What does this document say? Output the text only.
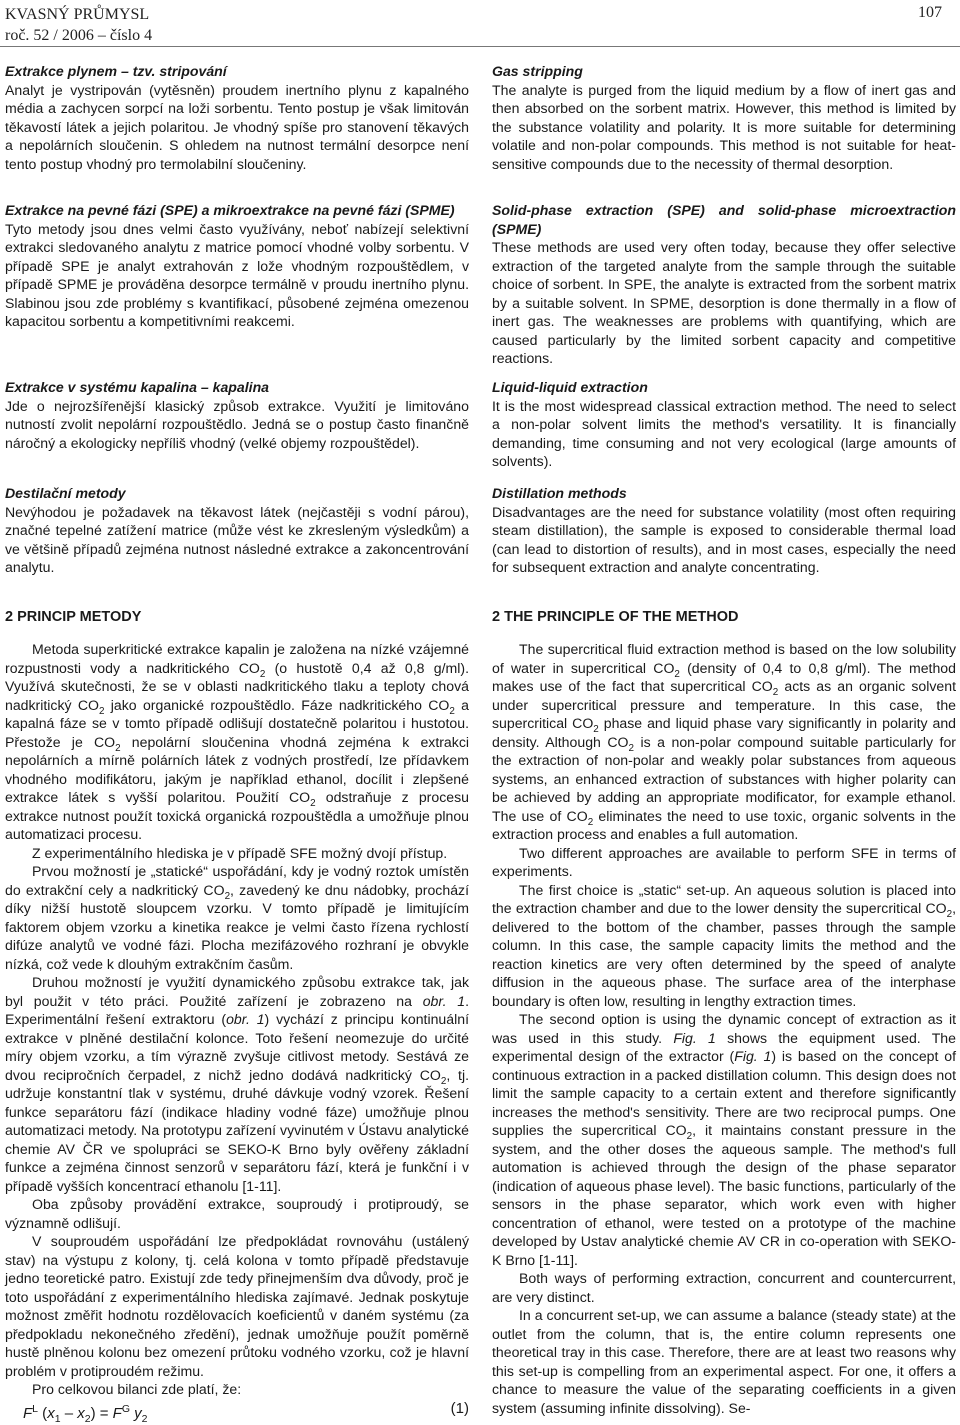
KVASNÝ PRŮMYSL
roč. 52 / 2006 – číslo 4
107

Extrakce plynem – tzv. stripování

Analyt je vystripován (vytěsněn) proudem inertního plynu z kapalného média a zachycen sorpcí na loži sorbentu. Tento postup je však limitován těkavostí látek a jejich polaritou. Je vhodný spíše pro stanovení těkavých a nepolárních sloučenin. S ohledem na nutnost termální desorpce není tento postup vhodný pro termolabilní sloučeniny.

Extrakce na pevné fázi (SPE) a mikroextrakce na pevné fázi (SPME)

Tyto metody jsou dnes velmi často využívány, neboť nabízejí selektivní extrakci sledovaného analytu z matrice pomocí vhodné volby sorbentu. V případě SPE je analyt extrahován z lože vhodným rozpouštědlem, v případě SPME je prováděna desorpce termálně v proudu inertního plynu. Slabinou jsou zde problémy s kvantifikací, působené zejména omezenou kapacitou sorbentu a kompetitivními reakcemi.

Extrakce v systému kapalina – kapalina

Jde o nejrozšířenější klasický způsob extrakce. Využití je limitováno nutností zvolit nepolární rozpouštědlo. Jedná se o postup často finančně náročný a ekologicky nepříliš vhodný (velké objemy rozpouštědel).

Destilační metody

Nevýhodou je požadavek na těkavost látek (nejčastěji s vodní párou), značné tepelné zatížení matrice (může vést ke zkresleným výsledkům) a ve většině případů zejména nutnost následné extrakce a zakoncentrování analytu.

2 PRINCIP METODY

Metoda superkritické extrakce kapalin je založena na nízké vzájemné rozpustnosti vody a nadkritického $CO_2$ (o hustotě 0,4 až 0,8 g/ml). Využívá skutečnosti, že se v oblasti nadkritického tlaku a teploty chová nadkritický $CO_2$ jako organické rozpouštědlo. Fáze nadkritického $CO_2$ a kapalná fáze se v tomto případě odlišují dostatečně polaritou i hustotou. Přestože je $CO_2$ nepolární sloučenina vhodná zejména k extrakci nepolárních a mírně polárních látek z vodných prostředí, lze přídavkem vhodného modifikátoru, jakým je například ethanol, docílit i zlepšené extrakce látek s vyšší polaritou. Použití $CO_2$ odstraňuje z procesu extrakce nutnost použít toxická organická rozpouštědla a umožňuje plnou automatizaci procesu.

Z experimentálního hlediska je v případě SFE možný dvojí přístup.

Prvou možností je „statické“ uspořádání, kdy je vodný roztok umístěn do extrakční cely a nadkritický $CO_2$, zavedený ke dnu nádobky, prochází díky nižší hustotě sloupcem vzorku. V tomto případě je limitujícím faktorem objem vzorku a kinetika reakce je velmi často řízena rychlostí difúze analytů ve vodné fázi. Plocha mezifázového rozhraní je obvykle nízká, což vede k dlouhým extrakčním časům.

Druhou možností je využití dynamického způsobu extrakce tak, jak byl použit v této práci. Použité zařízení je zobrazeno na obr. 1. Experimentální řešení extraktoru (obr. 1) vychází z principu kontinuální extrakce v plněné destilační kolonce. Toto řešení neomezuje do určité míry objem vzorku, a tím výrazně zvyšuje citlivost metody. Sestává ze dvou recipročních čerpadel, z nichž jedno dodává nadkritický $CO_2$, tj. udržuje konstantní tlak v systému, druhé dávkuje vodný vzorek. Řešení funkce separátoru fází (indikace hladiny vodné fáze) umožňuje plnou automatizaci metody. Na prototypu zařízení vyvinutém v Ústavu analytické chemie AV ČR ve spolupráci se SEKO-K Brno byly ověřeny základní funkce a zejména činnost senzorů v separátoru fází, která je funkční i v případě vyšších koncentrací ethanolu [1-11].

Oba způsoby provádění extrakce, souproudý i protiproudý, se významně odlišují.

V souproudém uspořádání lze předpokládat rovnováhu (ustálený stav) na výstupu z kolony, tj. celá kolona v tomto případě představuje jedno teoretické patro. Existují zde tedy přinejmenším dva důvody, proč je toto uspořádání z experimentálního hlediska zajímavé. Jednak poskytuje možnost změřit hodnotu rozdělovacích koeficientů v daném systému (za předpokladu nekonečného zředění), jednak umožňuje použít poměrně hustě plněnou kolonu bez omezení průtoku vodného vzorku, což je hlavní problém v protiproudém režimu.

Pro celkovou bilanci zde platí, že:

$F^L$ $(x_1 - x_2) = F^G$ $y_2$
(1)

Gas stripping

The analyte is purged from the liquid medium by a flow of inert gas and then absorbed on the sorbent matrix. However, this method is limited by the substance volatility and polarity. It is more suitable for determining volatile and non-polar compounds. This method is not suitable for heat-sensitive compounds due to the necessity of thermal desorption.

Solid-phase extraction (SPE) and solid-phase microextraction (SPME)

These methods are used very often today, because they offer selective extraction of the targeted analyte from the sample through the suitable choice of sorbent. In SPE, the analyte is extracted from the sorbent matrix by a suitable solvent. In SPME, desorption is done thermally in a flow of inert gas. The weaknesses are problems with quantifying, which are caused particularly by the limited sorbent capacity and competitive reactions.

Liquid-liquid extraction

It is the most widespread classical extraction method. The need to select a non-polar solvent limits the method's versatility. It is financially demanding, time consuming and not very ecological (large amounts of solvents).

Distillation methods

Disadvantages are the need for substance volatility (most often requiring steam distillation), the sample is exposed to considerable thermal load (can lead to distortion of results), and in most cases, especially the need for subsequent extraction and analyte concentrating.

2 THE PRINCIPLE OF THE METHOD

The supercritical fluid extraction method is based on the low solubility of water in supercritical $CO_2$ (density of 0,4 to 0,8 g/ml). The method makes use of the fact that supercritical $CO_2$ acts as an organic solvent under supercritical pressure and temperature. In this case, the supercritical $CO_2$ phase and liquid phase vary significantly in polarity and density. Although $CO_2$ is a non-polar compound suitable particularly for the extraction of non-polar and weakly polar substances from aqueous systems, an enhanced extraction of substances with higher polarity can be achieved by adding an appropriate modificator, for example ethanol. The use of $CO_2$ eliminates the need to use toxic, organic solvents in the extraction process and enables a full automation.

Two different approaches are available to perform SFE in terms of experiments.

The first choice is „static“ set-up. An aqueous solution is placed into the extraction chamber and due to the lower density the supercritical $CO_2$, delivered to the bottom of the chamber, passes through the sample column. In this case, the sample capacity limits the method and the reaction kinetics are very often determined by the speed of analyte diffusion in the aqueous phase. The surface area of the interphase boundary is often low, resulting in lengthy extraction times.

The second option is using the dynamic concept of extraction as it was used in this study. Fig. 1 shows the equipment used. The experimental design of the extractor (Fig. 1) is based on the concept of continuous extraction in a packed distillation column. This design does not limit the sample capacity to a certain extent and therefore significantly increases the method's sensitivity. There are two reciprocal pumps. One supplies the supercritical $CO_2$, it maintains constant pressure in the system, and the other doses the aqueous sample. The method's full automation is achieved through the design of the phase separator (indication of aqueous phase level). The basic functions, particularly of the sensors in the phase separator, which work even with higher concentration of ethanol, were tested on a prototype of the machine developed by Ustav analytické chemie AV CR in co-operation with SEKO-K Brno [1-11].

Both ways of performing extraction, concurrent and countercurrent, are very distinct.

In a concurrent set-up, we can assume a balance (steady state) at the outlet from the column, that is, the entire column represents one theoretical tray in this case. Therefore, there are at least two reasons why this set-up is compelling from an experimental aspect. For one, it offers a chance to measure the value of the separating coefficients in a given system (assuming infinite dissolving). Se-
